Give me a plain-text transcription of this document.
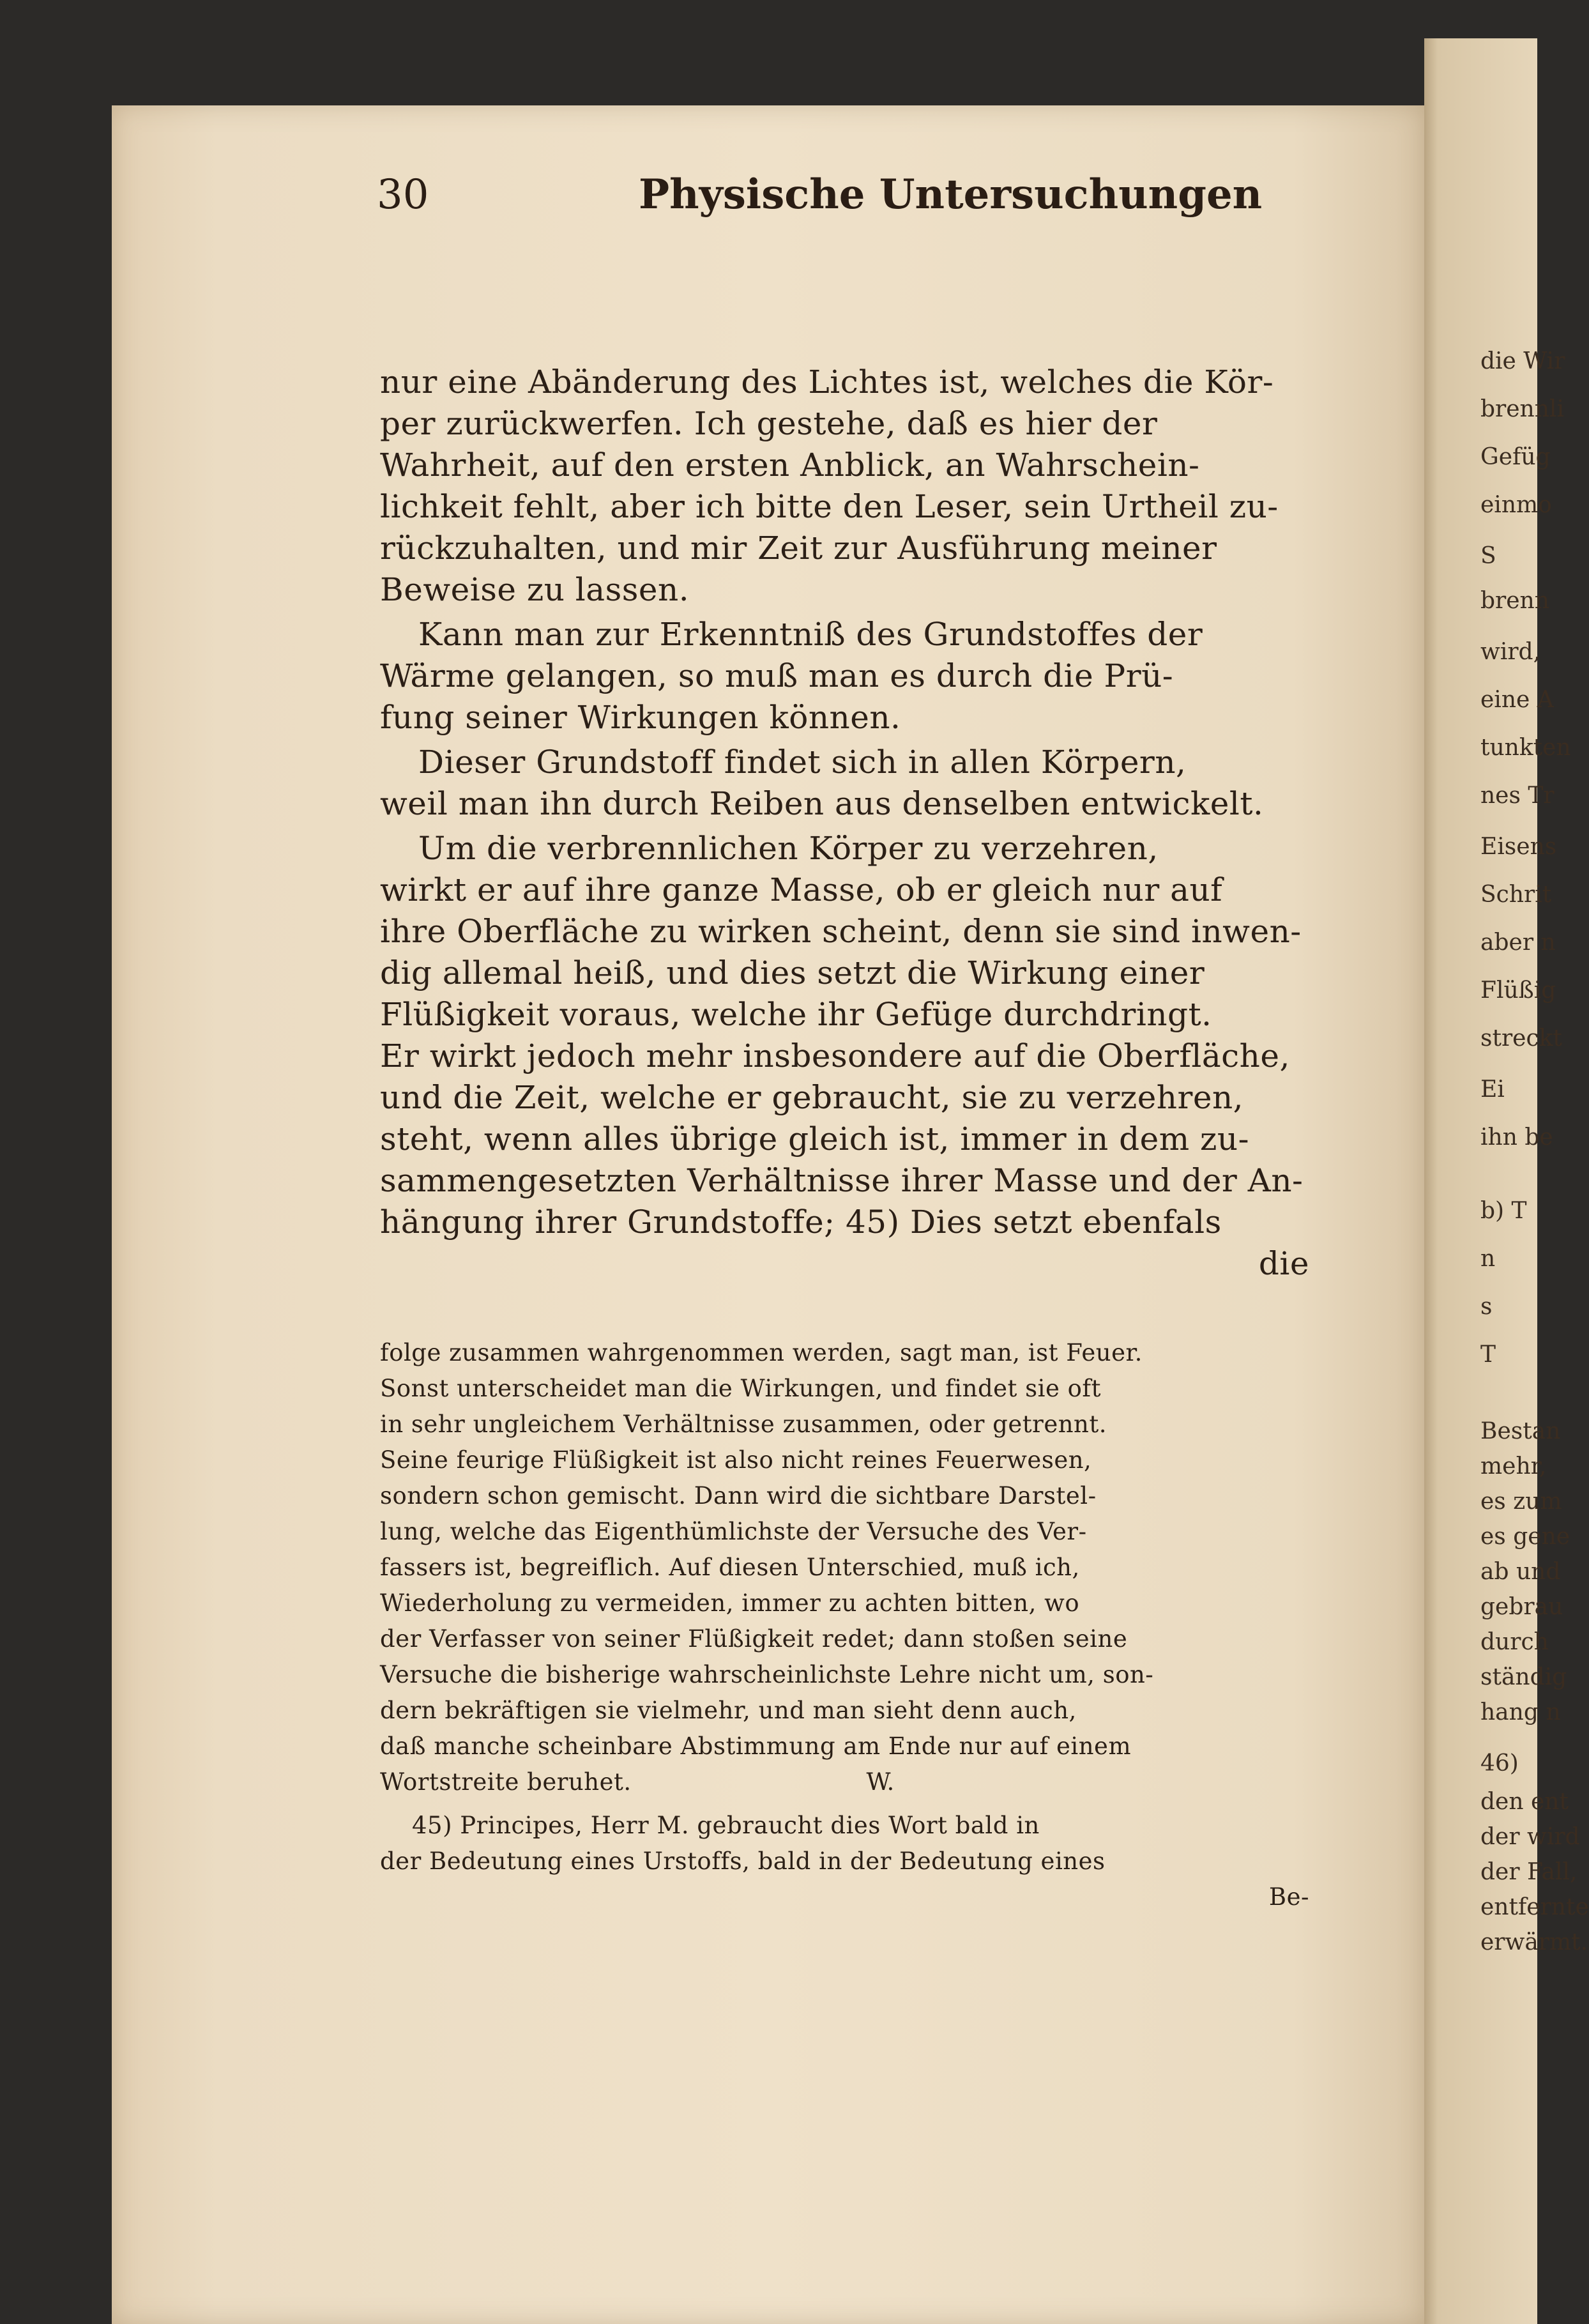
die Wir
brennli
Gefüg
einmo
S
brenn
wird,
eine A
tunkten
nes Tr
Eisens
Schrit
aber n
Flüßig
streckt
Ei
ihn be
b) T
n
s
T
Bestan
mehr,
es zum
es gene
ab und
gebrau
durch
ständig
hang n
46)
den ent
der wird
der Fall,
entfernte
erwärmt.
30	Physische Untersuchungen

nur eine Abänderung des Lichtes ist, welches die Kör-

per zurückwerfen. Ich gestehe, daß es hier der

Wahrheit, auf den ersten Anblick, an Wahrschein-

lichkeit fehlt, aber ich bitte den Leser, sein Urtheil zu-

rückzuhalten, und mir Zeit zur Ausführung meiner

Beweise zu lassen.

Kann man zur Erkenntniß des Grundstoffes der

Wärme gelangen, so muß man es durch die Prü-

fung seiner Wirkungen können.

Dieser Grundstoff findet sich in allen Körpern,

weil man ihn durch Reiben aus denselben entwickelt.

Um die verbrennlichen Körper zu verzehren,

wirkt er auf ihre ganze Masse, ob er gleich nur auf

ihre Oberfläche zu wirken scheint, denn sie sind inwen-

dig allemal heiß, und dies setzt die Wirkung einer

Flüßigkeit voraus, welche ihr Gefüge durchdringt.

Er wirkt jedoch mehr insbesondere auf die Oberfläche,

und die Zeit, welche er gebraucht, sie zu verzehren,

steht, wenn alles übrige gleich ist, immer in dem zu-

sammengesetzten Verhältnisse ihrer Masse und der An-

hängung ihrer Grundstoffe; 45) Dies setzt ebenfals

die

folge zusammen wahrgenommen werden, sagt man, ist Feuer.

Sonst unterscheidet man die Wirkungen, und findet sie oft

in sehr ungleichem Verhältnisse zusammen, oder getrennt.

Seine feurige Flüßigkeit ist also nicht reines Feuerwesen,

sondern schon gemischt. Dann wird die sichtbare Darstel-

lung, welche das Eigenthümlichste der Versuche des Ver-

fassers ist, begreiflich. Auf diesen Unterschied, muß ich,

Wiederholung zu vermeiden, immer zu achten bitten, wo

der Verfasser von seiner Flüßigkeit redet; dann stoßen seine

Versuche die bisherige wahrscheinlichste Lehre nicht um, son-

dern bekräftigen sie vielmehr, und man sieht denn auch,

daß manche scheinbare Abstimmung am Ende nur auf einem

Wortstreite beruhet.                              W.

45) Principes, Herr M. gebraucht dies Wort bald in

der Bedeutung eines Urstoffs, bald in der Bedeutung eines

Be-
